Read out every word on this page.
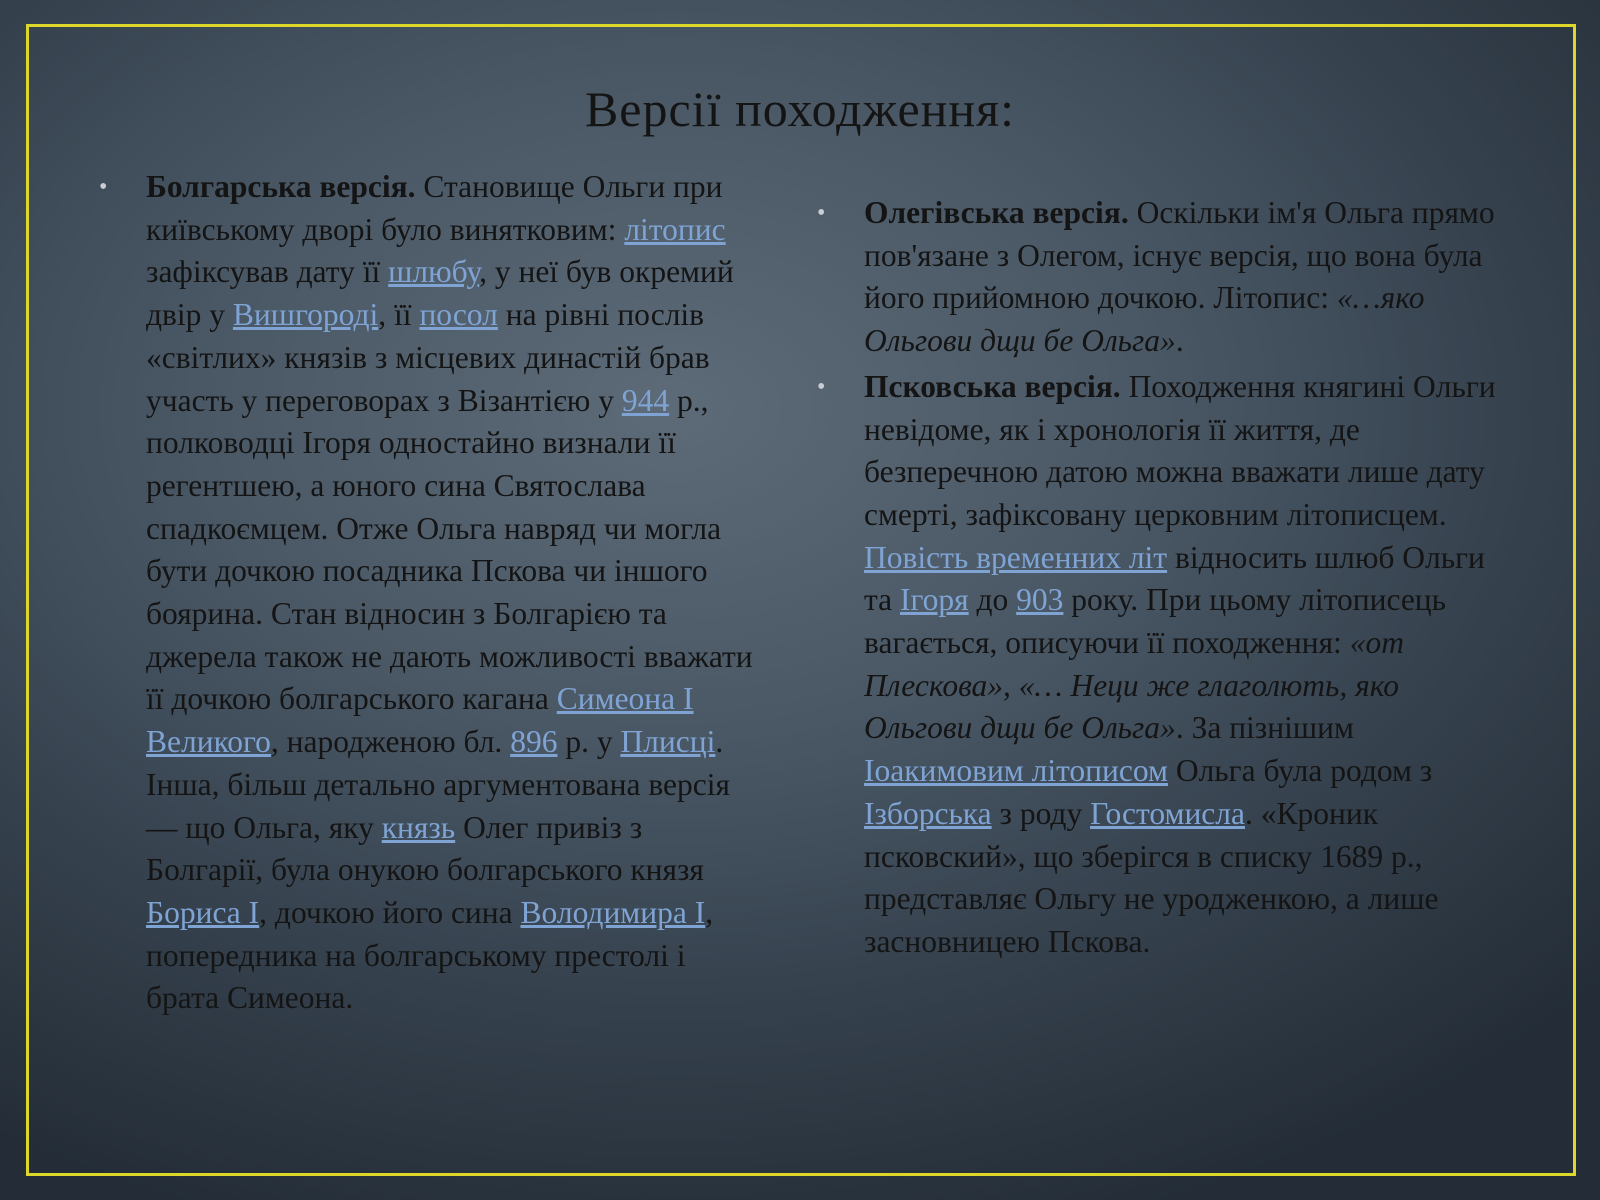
Версії походження:
• Болгарська версія. Становище Ольги при київському дворі було винятковим: літопис зафіксував дату її шлюбу, у неї був окремий двір у Вишгороді, її посол на рівні послів «світлих» князів з місцевих династій брав участь у переговорах з Візантією у 944 р., полководці Ігоря одностайно визнали її регентшею, а юного сина Святослава спадкоємцем. Отже Ольга навряд чи могла бути дочкою посадника Пскова чи іншого боярина. Стан відносин з Болгарією та джерела також не дають можливості вважати її дочкою болгарського кагана Симеона I Великого, народженою бл. 896 р. у Плисці. Інша, більш детально аргументована версія — що Ольга, яку князь Олег привіз з Болгарії, була онукою болгарського князя Бориса I, дочкою його сина Володимира I, попередника на болгарському престолі і брата Симеона.
• Олегівська версія. Оскільки ім'я Ольга прямо пов'язане з Олегом, існує версія, що вона була його прийомною дочкою. Літопис: «…яко Ольгови дщи бе Ольга».
• Псковська версія. Походження княгині Ольги невідоме, як і хронологія її життя, де безперечною датою можна вважати лише дату смерті, зафіксовану церковним літописцем. Повість временних літ відносить шлюб Ольги та Ігоря до 903 року. При цьому літописець вагається, описуючи її походження: «от Плескова», «… Неци же глаголють, яко Ольгови дщи бе Ольга». За пізнішим Іоакимовим літописом Ольга була родом з Ізборська з роду Гостомисла. «Кроник псковский», що зберігся в списку 1689 р., представляє Ольгу не уродженкою, а лише засновницею Пскова.
